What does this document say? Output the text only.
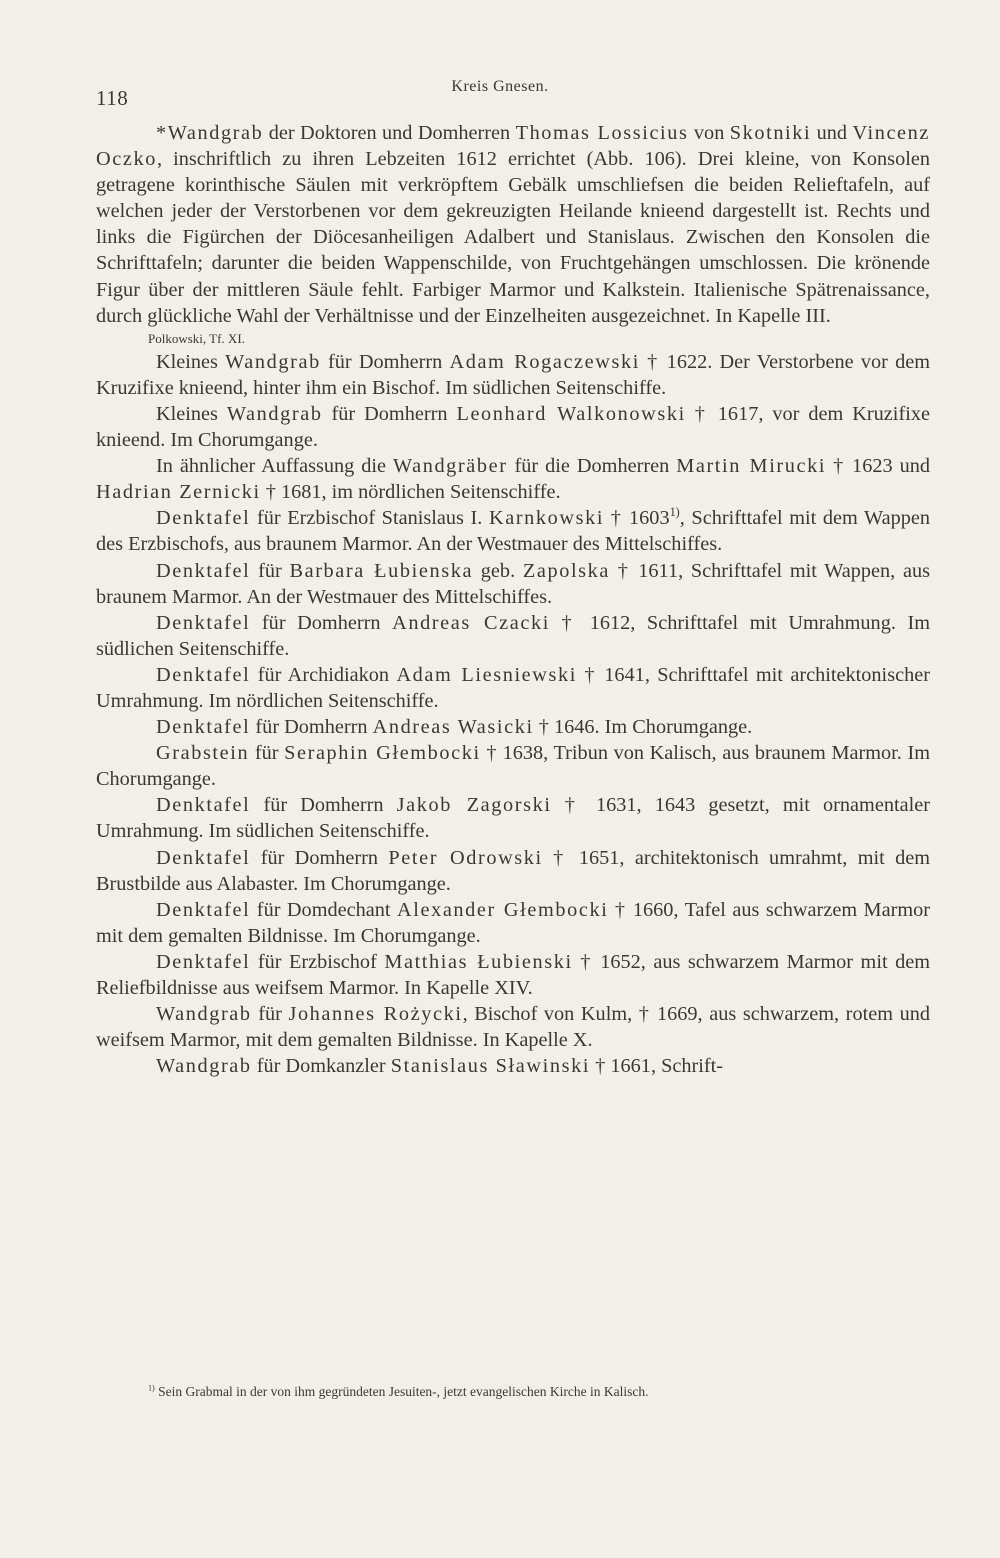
118	Kreis Gnesen.

*Wandgrab der Doktoren und Domherren Thomas Lossicius von Skotniki und Vincenz Oczko, inschriftlich zu ihren Lebzeiten 1612 errichtet (Abb. 106). Drei kleine, von Konsolen getragene korinthische Säulen mit verkröpftem Gebälk umschliefsen die beiden Relieftafeln, auf welchen jeder der Verstorbenen vor dem gekreuzigten Heilande knieend dargestellt ist. Rechts und links die Figürchen der Diöcesanheiligen Adalbert und Stanislaus. Zwischen den Konsolen die Schrifttafeln; darunter die beiden Wappenschilde, von Fruchtgehängen umschlossen. Die krönende Figur über der mittleren Säule fehlt. Farbiger Marmor und Kalkstein. Italienische Spätrenaissance, durch glückliche Wahl der Verhältnisse und der Einzelheiten ausgezeichnet. In Kapelle III.

Polkowski, Tf. XI.

Kleines Wandgrab für Domherrn Adam Rogaczewski † 1622. Der Verstorbene vor dem Kruzifixe knieend, hinter ihm ein Bischof. Im südlichen Seitenschiffe.

Kleines Wandgrab für Domherrn Leonhard Walkonowski † 1617, vor dem Kruzifixe knieend. Im Chorumgange.

In ähnlicher Auffassung die Wandgräber für die Domherren Martin Mirucki † 1623 und Hadrian Zernicki † 1681, im nördlichen Seitenschiffe.

Denktafel für Erzbischof Stanislaus I. Karnkowski † 1603$^{1)}$, Schrifttafel mit dem Wappen des Erzbischofs, aus braunem Marmor. An der Westmauer des Mittelschiffes.

Denktafel für Barbara Łubienska geb. Zapolska † 1611, Schrifttafel mit Wappen, aus braunem Marmor. An der Westmauer des Mittelschiffes.

Denktafel für Domherrn Andreas Czacki † 1612, Schrifttafel mit Umrahmung. Im südlichen Seitenschiffe.

Denktafel für Archidiakon Adam Liesniewski † 1641, Schrifttafel mit architektonischer Umrahmung. Im nördlichen Seitenschiffe.

Denktafel für Domherrn Andreas Wasicki † 1646. Im Chorumgange.

Grabstein für Seraphin Głembocki † 1638, Tribun von Kalisch, aus braunem Marmor. Im Chorumgange.

Denktafel für Domherrn Jakob Zagorski † 1631, 1643 gesetzt, mit ornamentaler Umrahmung. Im südlichen Seitenschiffe.

Denktafel für Domherrn Peter Odrowski † 1651, architektonisch umrahmt, mit dem Brustbilde aus Alabaster. Im Chorumgange.

Denktafel für Domdechant Alexander Głembocki † 1660, Tafel aus schwarzem Marmor mit dem gemalten Bildnisse. Im Chorumgange.

Denktafel für Erzbischof Matthias Łubienski † 1652, aus schwarzem Marmor mit dem Reliefbildnisse aus weifsem Marmor. In Kapelle XIV.

Wandgrab für Johannes Rożycki, Bischof von Kulm, † 1669, aus schwarzem, rotem und weifsem Marmor, mit dem gemalten Bildnisse. In Kapelle X.

Wandgrab für Domkanzler Stanislaus Sławinski † 1661, Schrift-

$^{1)}$ Sein Grabmal in der von ihm gegründeten Jesuiten-, jetzt evangelischen Kirche in Kalisch.
